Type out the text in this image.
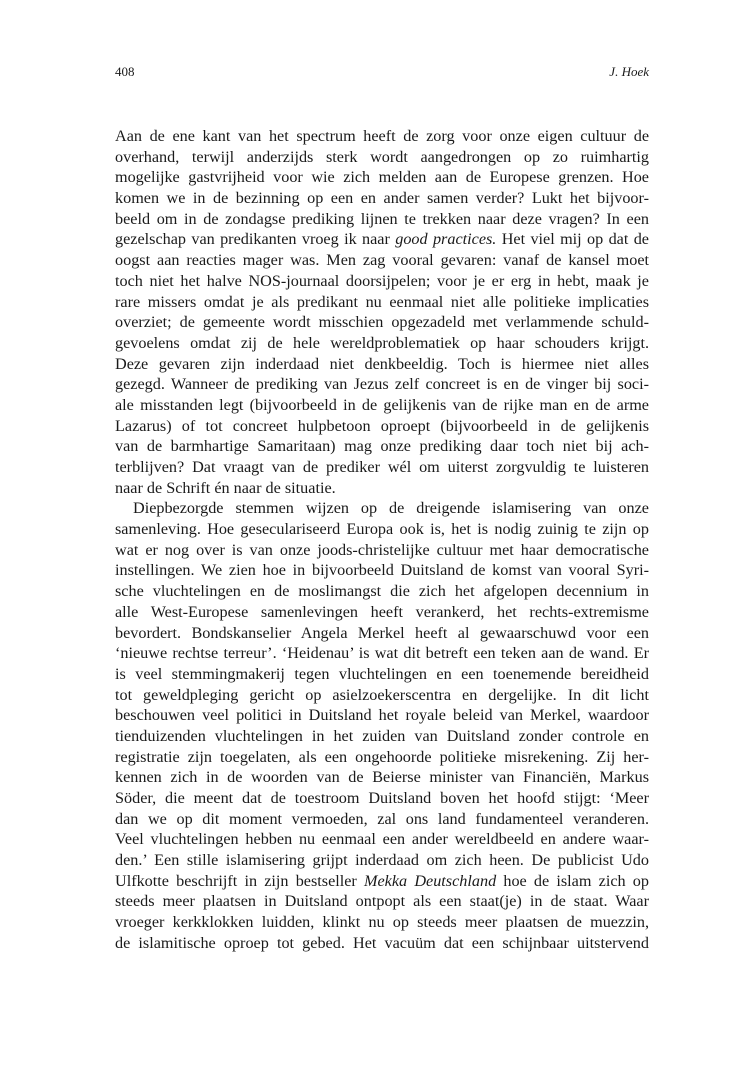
408	J. Hoek
Aan de ene kant van het spectrum heeft de zorg voor onze eigen cultuur de
overhand, terwijl anderzijds sterk wordt aangedrongen op zo ruimhartig
mogelijke gastvrijheid voor wie zich melden aan de Europese grenzen. Hoe
komen we in de bezinning op een en ander samen verder? Lukt het bijvoor-
beeld om in de zondagse prediking lijnen te trekken naar deze vragen? In een
gezelschap van predikanten vroeg ik naar good practices. Het viel mij op dat de
oogst aan reacties mager was. Men zag vooral gevaren: vanaf de kansel moet
toch niet het halve NOS-journaal doorsijpelen; voor je er erg in hebt, maak je
rare missers omdat je als predikant nu eenmaal niet alle politieke implicaties
overziet; de gemeente wordt misschien opgezadeld met verlammende schuld-
gevoelens omdat zij de hele wereldproblematiek op haar schouders krijgt.
Deze gevaren zijn inderdaad niet denkbeeldig. Toch is hiermee niet alles
gezegd. Wanneer de prediking van Jezus zelf concreet is en de vinger bij soci-
ale misstanden legt (bijvoorbeeld in de gelijkenis van de rijke man en de arme
Lazarus) of tot concreet hulpbetoon oproept (bijvoorbeeld in de gelijkenis
van de barmhartige Samaritaan) mag onze prediking daar toch niet bij ach-
terblijven? Dat vraagt van de prediker wél om uiterst zorgvuldig te luisteren
naar de Schrift én naar de situatie.
Diepbezorgde stemmen wijzen op de dreigende islamisering van onze
samenleving. Hoe geseculariseerd Europa ook is, het is nodig zuinig te zijn op
wat er nog over is van onze joods-christelijke cultuur met haar democratische
instellingen. We zien hoe in bijvoorbeeld Duitsland de komst van vooral Syri-
sche vluchtelingen en de moslimangst die zich het afgelopen decennium in
alle West-Europese samenlevingen heeft verankerd, het rechts-extremisme
bevordert. Bondskanselier Angela Merkel heeft al gewaarschuwd voor een
‘nieuwe rechtse terreur’. ‘Heidenau’ is wat dit betreft een teken aan de wand. Er
is veel stemmingmakerij tegen vluchtelingen en een toenemende bereidheid
tot geweldpleging gericht op asielzoekerscentra en dergelijke. In dit licht
beschouwen veel politici in Duitsland het royale beleid van Merkel, waardoor
tienduizenden vluchtelingen in het zuiden van Duitsland zonder controle en
registratie zijn toegelaten, als een ongehoorde politieke misrekening. Zij her-
kennen zich in de woorden van de Beierse minister van Financiën, Markus
Söder, die meent dat de toestroom Duitsland boven het hoofd stijgt: ‘Meer
dan we op dit moment vermoeden, zal ons land fundamenteel veranderen.
Veel vluchtelingen hebben nu eenmaal een ander wereldbeeld en andere waar-
den.’ Een stille islamisering grijpt inderdaad om zich heen. De publicist Udo
Ulfkotte beschrijft in zijn bestseller Mekka Deutschland hoe de islam zich op
steeds meer plaatsen in Duitsland ontpopt als een staat(je) in de staat. Waar
vroeger kerkklokken luidden, klinkt nu op steeds meer plaatsen de muezzin,
de islamitische oproep tot gebed. Het vacuüm dat een schijnbaar uitstervend
